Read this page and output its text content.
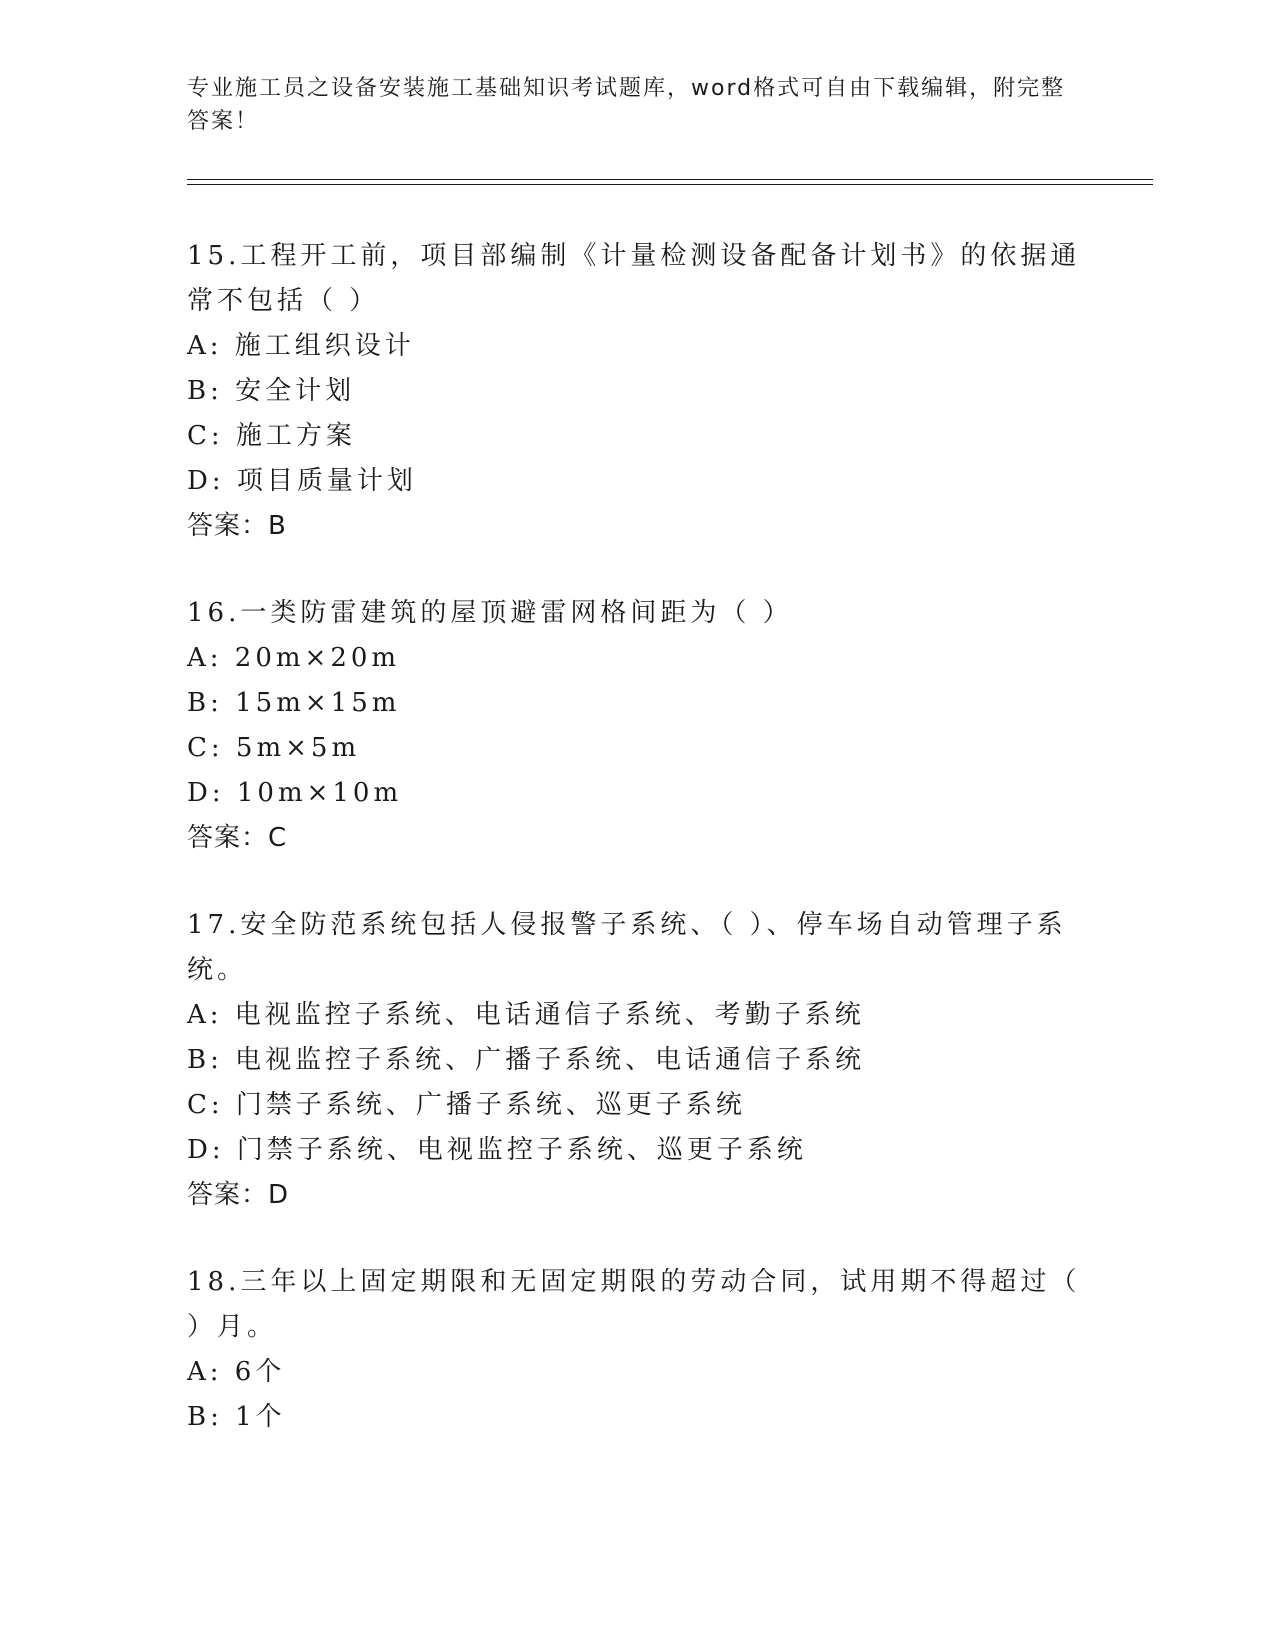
专业施工员之设备安装施工基础知识考试题库，word格式可自由下载编辑，附完整答案！
15.工程开工前，项目部编制《计量检测设备配备计划书》的依据通常不包括（ ）
A: 施工组织设计
B: 安全计划
C: 施工方案
D: 项目质量计划
答案：B
16.一类防雷建筑的屋顶避雷网格间距为（ ）
A: 20m×20m
B: 15m×15m
C: 5m×5m
D: 10m×10m
答案：C
17.安全防范系统包括人侵报警子系统、（ ）、停车场自动管理子系统。
A: 电视监控子系统、电话通信子系统、考勤子系统
B: 电视监控子系统、广播子系统、电话通信子系统
C: 门禁子系统、广播子系统、巡更子系统
D: 门禁子系统、电视监控子系统、巡更子系统
答案：D
18.三年以上固定期限和无固定期限的劳动合同，试用期不得超过（ ）月。
A: 6个
B: 1个
